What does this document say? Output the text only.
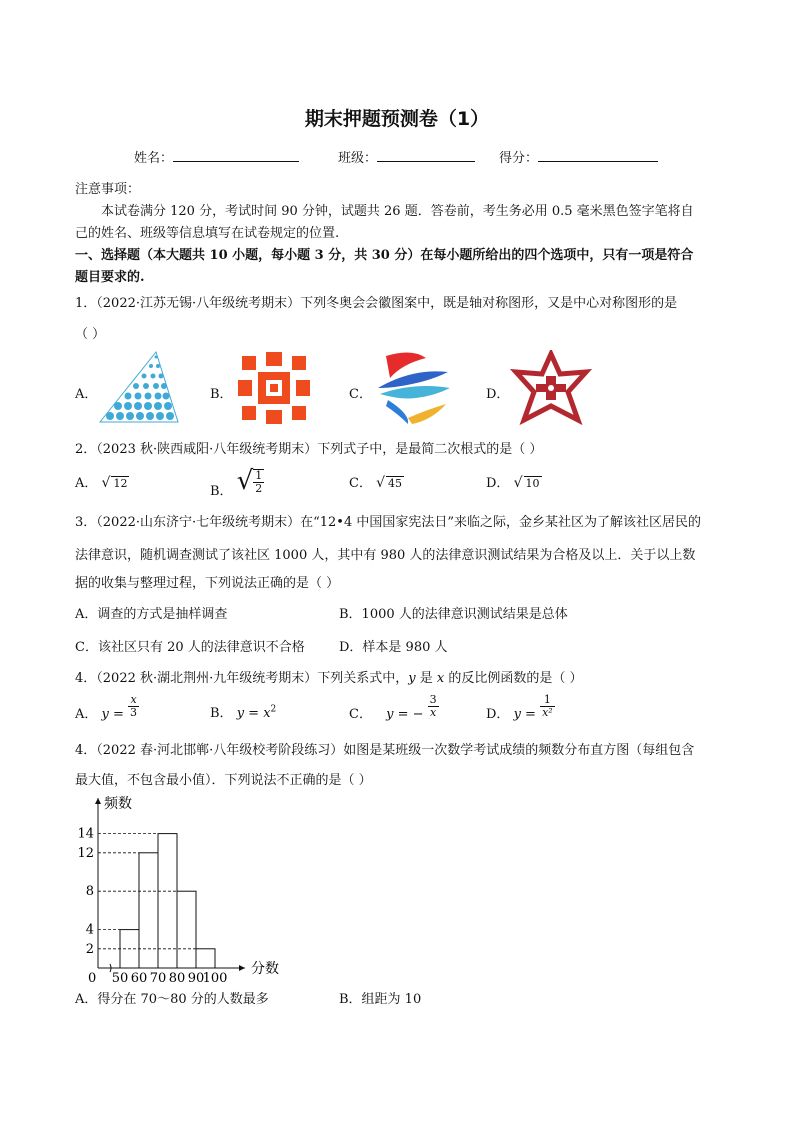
期末押题预测卷（1）
姓名：	班级：	得分：
注意事项：
本试卷满分 120 分，考试时间 90 分钟，试题共 26 题．答卷前，考生务必用 0.5 毫米黑色签字笔将自
己的姓名、班级等信息填写在试卷规定的位置.
一、选择题（本大题共 10 小题，每小题 3 分，共 30 分）在每小题所给出的四个选项中，只有一项是符合
题目要求的.
1．（2022·江苏无锡·八年级统考期末）下列冬奥会会徽图案中，既是轴对称图形，又是中心对称图形的是
（ ）
A．	B．	C．	D．
2．（2023 秋·陕西咸阳·八年级统考期末）下列式子中，是最简二次根式的是（ ）
A． √ 12
B． √ $\frac{1}{2}$	C． √ 45	D． √ 10
3．（2022·山东济宁·七年级统考期末）在“12•4 中国国家宪法日”来临之际，金乡某社区为了解该社区居民的
法律意识，随机调查测试了该社区 1000 人，其中有 980 人的法律意识测试结果为合格及以上．关于以上数
据的收集与整理过程，下列说法正确的是（ ）
A．调查的方式是抽样调查	B．1000 人的法律意识测试结果是总体
C．该社区只有 20 人的法律意识不合格	D．样本是 980 人
4．（2022 秋·湖北荆州·九年级统考期末）下列关系式中，y 是 x 的反比例函数的是（ ）
A． $y = \frac{x}{3}$	B． $y = x^2$	C． y = − $\frac{3}{x}$	D． $y = \frac{1}{\text{x²}}$
4．（2022 春·河北邯郸·八年级校考阶段练习）如图是某班级一次数学考试成绩的频数分布直方图（每组包含
最大值，不包含最小值）．下列说法不正确的是（ ）
频数
分数
0
2
4
8
12
14
50 60 70 80 90
100
A．得分在 70～80 分的人数最多	B．组距为 10
